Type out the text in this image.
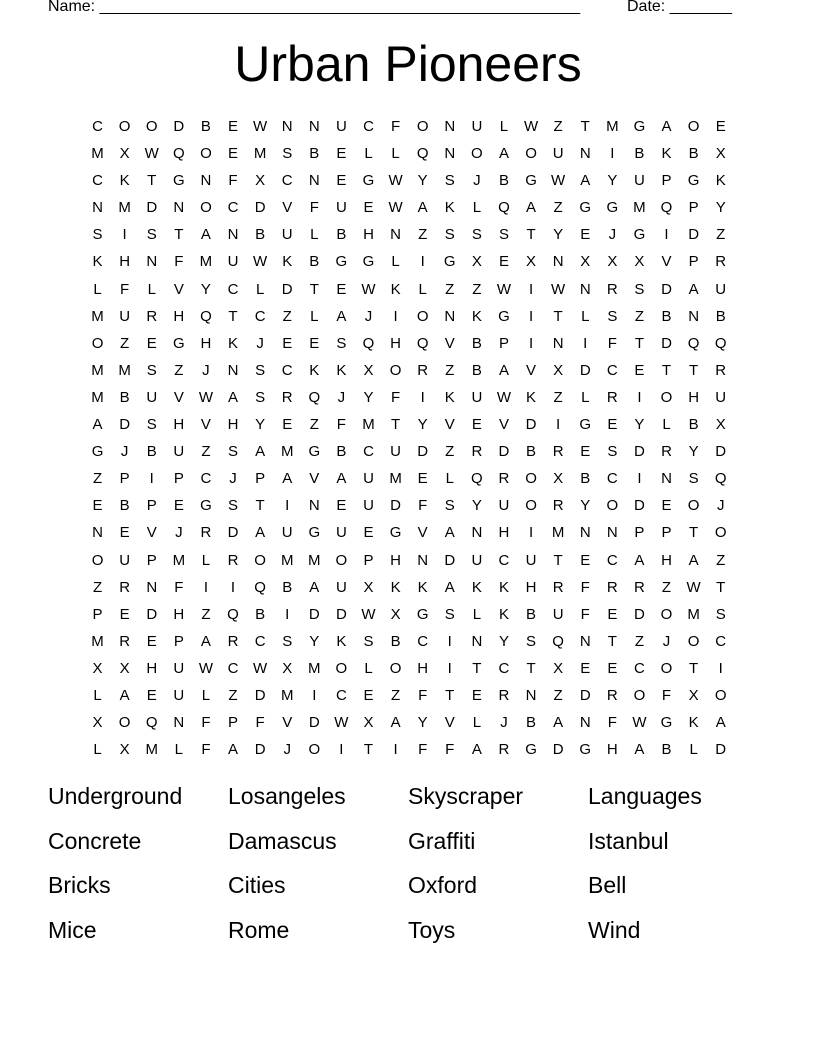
Name: ______________________________________________________	Date: _______
Urban Pioneers
C	O	O	D	B	E	W N	N	U	C	F	O	N	U	L	W	Z	T	M	G	A	O	E
M	X	W Q	O	E	M	S	B	E	L	L	Q	N	O	A	O	U	N	I	B	K	B	X
C	K	T	G	N	F	X	C	N	E	G W	Y	S	J	B	G W	A	Y	U	P	G	K
N	M	D	N	O	C	D	V	F	U	E	W	A	K	L	Q	A	Z	G	G	M	Q	P	Y
S	I	S	T	A	N	B	U	L	B	H	N	Z	S	S	S	T	Y	E	J	G	I	D	Z
K	H	N	F	M	U W	K	B	G	G	L	I	G	X	E	X	N	X	X	X	V	P	R
L	F	L	V	Y	C	L	D	T	E	W	K	L	Z	Z	W	I	W N	R	S	D	A	U
M	U	R	H	Q	T	C	Z	L	A	J	I	O	N	K	G	I	T	L	S	Z	B	N	B
O	Z	E	G	H	K	J	E	E	S	Q	H	Q	V	B	P	I	N	I	F	T	D	Q	Q
M M	S	Z	J	N	S	C	K	K	X	O	R	Z	B	A	V	X	D	C	E	T	T	R
M	B	U	V	W	A	S	R	Q	J	Y	F	I	K	U W	K	Z	L	R	I	O	H	U
A	D	S	H	V	H	Y	E	Z	F	M	T	Y	V	E	V	D	I	G	E	Y	L	B	X
G	J	B	U	Z	S	A	M	G	B	C	U	D	Z	R	D	B	R	E	S	D	R	Y	D
Z	P	I	P	C	J	P	A	V	A	U	M	E	L	Q	R	O	X	B	C	I	N	S	Q
E	B	P	E	G	S	T	I	N	E	U	D	F	S	Y	U	O	R	Y	O	D	E	O	J
N	E	V	J	R	D	A	U	G	U	E	G	V	A	N	H	I	M	N	N	P	P	T	O
O	U	P	M	L	R	O	M M	O	P	H	N	D	U	C	U	T	E	C	A	H	A	Z
Z	R	N	F	I	I	Q	B	A	U	X	K	K	A	K	K	H	R	F	R	R	Z	W	T
P	E	D	H	Z	Q	B	I	D	D W	X	G	S	L	K	B	U	F	E	D	O	M	S
M	R	E	P	A	R	C	S	Y	K	S	B	C	I	N	Y	S	Q	N	T	Z	J	O	C
X	X	H	U W C W	X	M	O	L	O	H	I	T	C	T	X	E	E	C	O	T	I
L	A	E	U	L	Z	D	M	I	C	E	Z	F	T	E	R	N	Z	D	R	O	F	X	O
X	O	Q	N	F	P	F	V	D W	X	A	Y	V	L	J	B	A	N	F	W G	K	A
L	X	M	L	F	A	D	J	O	I	T	I	F	F	A	R	G	D	G	H	A	B	L	D
Underground	Losangeles	Skyscraper	Languages
Concrete	Damascus	Graffiti	Istanbul
Bricks	Cities	Oxford	Bell
Mice	Rome	Toys	Wind
